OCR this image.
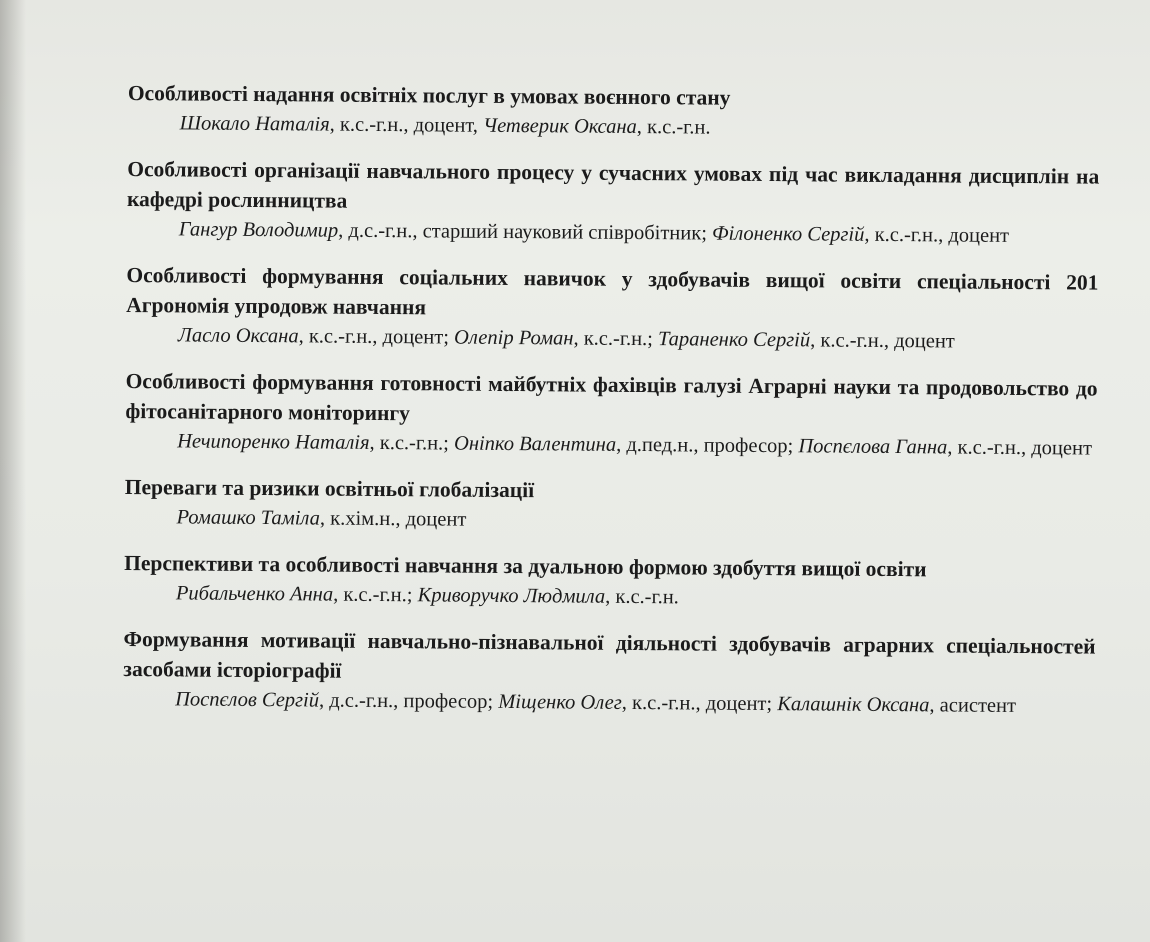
Особливості надання освітніх послуг в умовах воєнного стану

Шокало Наталія, к.с.-г.н., доцент, Четверик Оксана, к.с.-г.н.

Особливості організації навчального процесу у сучасних умовах під час викладання дисциплін на кафедрі рослинництва

Гангур Володимир, д.с.-г.н., старший науковий співробітник; Філоненко Сергій, к.с.-г.н., доцент

Особливості формування соціальних навичок у здобувачів вищої освіти спеціальності 201 Агрономія упродовж навчання

Ласло Оксана, к.с.-г.н., доцент; Олепір Роман, к.с.-г.н.; Тараненко Сергій, к.с.-г.н., доцент

Особливості формування готовності майбутніх фахівців галузі Аграрні науки та продовольство до фітосанітарного моніторингу

Нечипоренко Наталія, к.с.-г.н.; Оніпко Валентина, д.пед.н., професор; Поспєлова Ганна, к.с.-г.н., доцент

Переваги та ризики освітньої глобалізації

Ромашко Таміла, к.хім.н., доцент

Перспективи та особливості навчання за дуальною формою здобуття вищої освіти

Рибальченко Анна, к.с.-г.н.; Криворучко Людмила, к.с.-г.н.

Формування мотивації навчально-пізнавальної діяльності здобувачів аграрних спеціальностей засобами історіографії

Поспєлов Сергій, д.с.-г.н., професор; Міщенко Олег, к.с.-г.н., доцент; Калашнік Оксана, асистент
